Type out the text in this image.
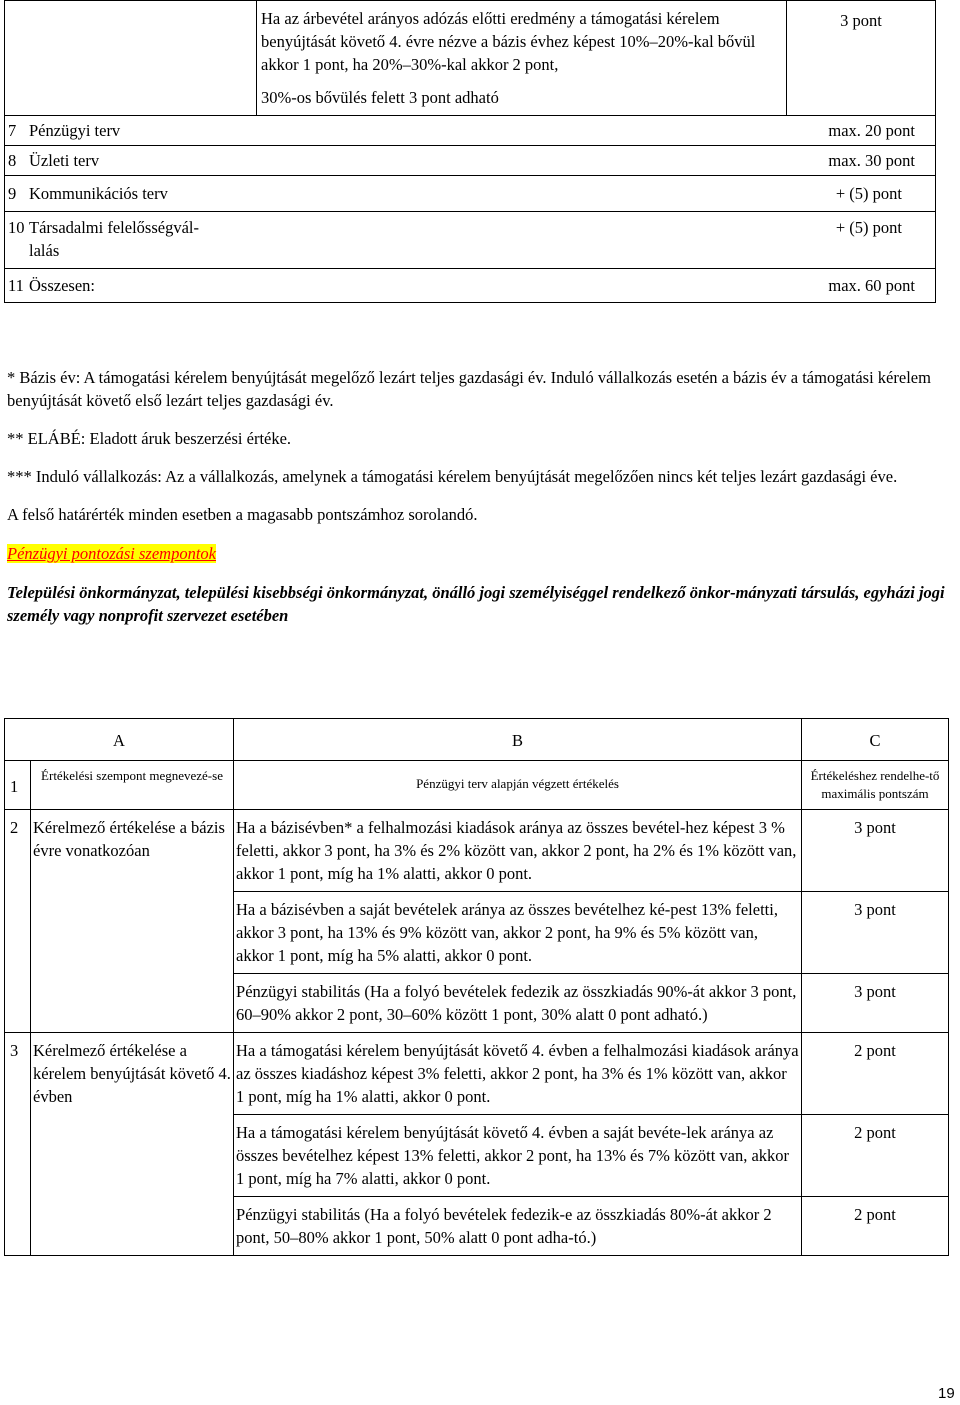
Ha az árbevétel arányos adózás előtti eredmény a támogatási kérelem benyújtását követő 4. évre nézve a bázis évhez képest 10%–20%-kal bővül akkor 1 pont, ha 20%–30%-kal akkor 2 pont,
30%-os bővülés felett 3 pont adható
	3 pont

7 Pénzügyi terv	max. 20 pont

8 Üzleti terv	max. 30 pont

9 Kommunikációs terv	+ (5) pont

10 Társadalmi felelősségvál-lalás
+ (5) pont

11 Összesen:	max. 60 pont

* Bázis év: A támogatási kérelem benyújtását megelőző lezárt teljes gazdasági év. Induló vállalkozás esetén a bázis év a támogatási kérelem benyújtását követő első lezárt teljes gazdasági év.

** ELÁBÉ: Eladott áruk beszerzési értéke.

*** Induló vállalkozás: Az a vállalkozás, amelynek a támogatási kérelem benyújtását megelőzően nincs két teljes lezárt gazdasági éve.

A felső határérték minden esetben a magasabb pontszámhoz sorolandó.

Pénzügyi pontozási szempontok

Települési önkormányzat, települési kisebbségi önkormányzat, önálló jogi személyiséggel rendelkező önkor-mányzati társulás, egyházi jogi személy vagy nonprofit szervezet esetében

A		B	C
1	Értékelési szempont megnevezé-se	Pénzügyi terv alapján végzett értékelés	Értékeléshez rendelhe-tő maximális pontszám
2	Kérelmező értékelése a bázis évre vonatkozóan	Ha a bázisévben* a felhalmozási kiadások aránya az összes bevétel-hez képest 3 % feletti, akkor 3 pont, ha 3% és 2% között van, akkor 2 pont, ha 2% és 1% között van, akkor 1 pont, míg ha 1% alatti, akkor 0 pont.	3 pont
		Ha a bázisévben a saját bevételek aránya az összes bevételhez ké-pest 13% feletti, akkor 3 pont, ha 13% és 9% között van, akkor 2 pont, ha 9% és 5% között van, akkor 1 pont, míg ha 5% alatti, akkor 0 pont.	3 pont
		Pénzügyi stabilitás (Ha a folyó bevételek fedezik az összkiadás 90%-át akkor 3 pont, 60–90% akkor 2 pont, 30–60% között 1 pont, 30% alatt 0 pont adható.)	3 pont
3	Kérelmező értékelése a kérelem benyújtását követő 4. évben	Ha a támogatási kérelem benyújtását követő 4. évben a felhalmozási kiadások aránya az összes kiadáshoz képest 3% feletti, akkor 2 pont, ha 3% és 1% között van, akkor 1 pont, míg ha 1% alatti, akkor 0 pont.	2 pont
		Ha a támogatási kérelem benyújtását követő 4. évben a saját bevéte-lek aránya az összes bevételhez képest 13% feletti, akkor 2 pont, ha 13% és 7% között van, akkor 1 pont, míg ha 7% alatti, akkor 0 pont.	2 pont
		Pénzügyi stabilitás (Ha a folyó bevételek fedezik-e az összkiadás 80%-át akkor 2 pont, 50–80% akkor 1 pont, 50% alatt 0 pont adha-tó.)	2 pont
19
